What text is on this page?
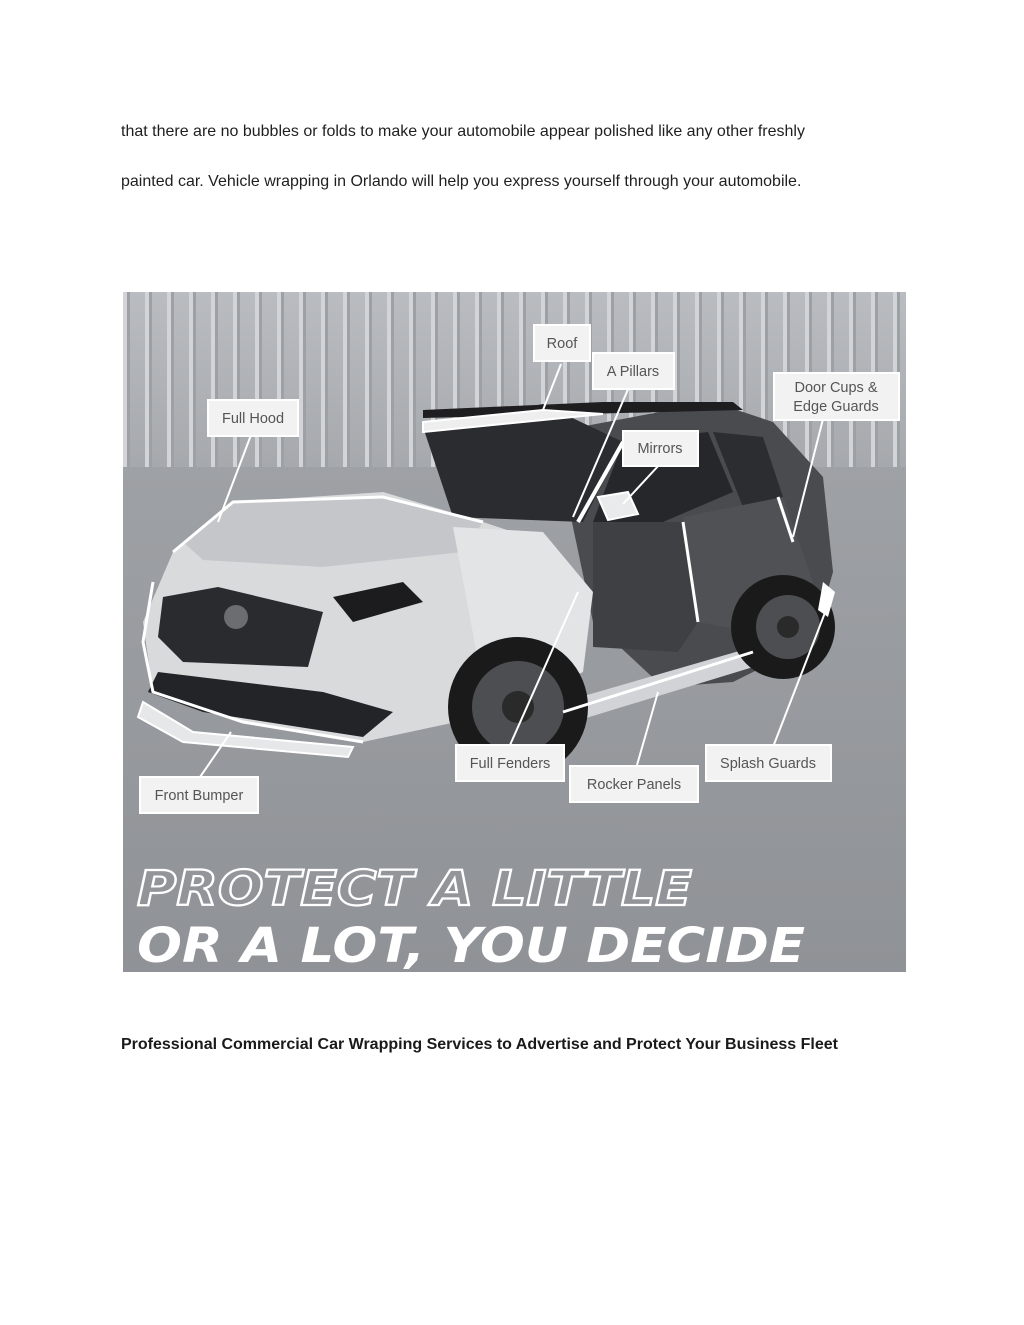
that there are no bubbles or folds to make your automobile appear polished like any other freshly
painted car. Vehicle wrapping in Orlando will help you express yourself through your automobile.
Roof
A Pillars
Door Cups &
Edge Guards
Full Hood
Mirrors
Full Fenders	Splash Guards
Rocker Panels
Front Bumper
PROTECT A LITTLE
OR A LOT, YOU DECIDE
Professional Commercial Car Wrapping Services to Advertise and Protect Your Business Fleet
